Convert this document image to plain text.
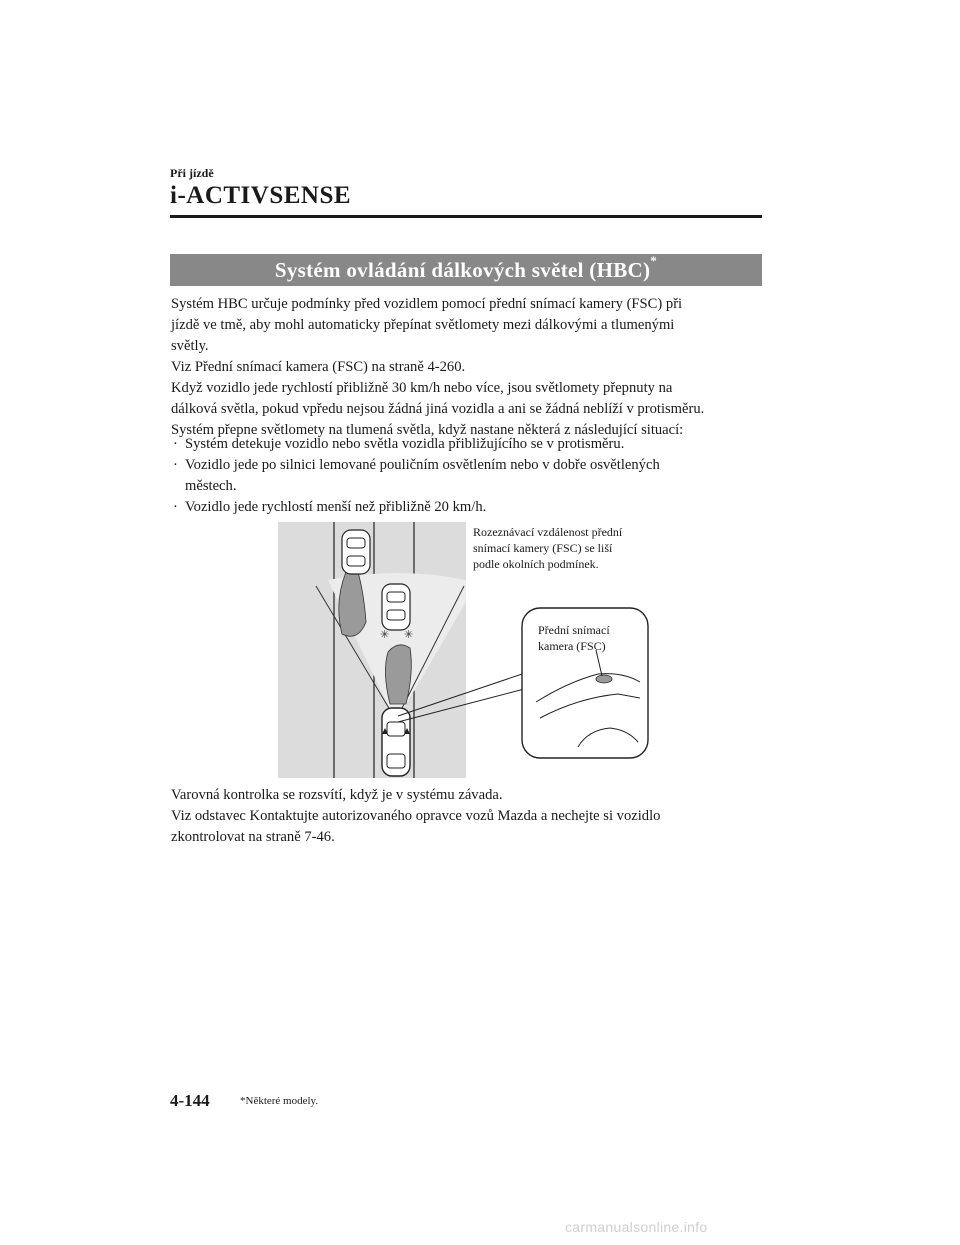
Při jízdě
i-ACTIVSENSE
Systém ovládání dálkových světel (HBC)*
Systém HBC určuje podmínky před vozidlem pomocí přední snímací kamery (FSC) při
jízdě ve tmě, aby mohl automaticky přepínat světlomety mezi dálkovými a tlumenými
světly.
Viz Přední snímací kamera (FSC) na straně 4-260.
Když vozidlo jede rychlostí přibližně 30 km/h nebo více, jsou světlomety přepnuty na
dálková světla, pokud vpředu nejsou žádná jiná vozidla a ani se žádná neblíží v protisměru.
Systém přepne světlomety na tlumená světla, když nastane některá z následující situací:
· Systém detekuje vozidlo nebo světla vozidla přibližujícího se v protisměru.
· Vozidlo jede po silnici lemované pouličním osvětlením nebo v dobře osvětlených
městech.
· Vozidlo jede rychlostí menší než přibližně 20 km/h.
✳ ✳
Rozeznávací vzdálenost přední
snímací kamery (FSC) se liší
podle okolních podmínek.
Přední snímací
kamera (FSC)
Varovná kontrolka se rozsvítí, když je v systému závada.
Viz odstavec Kontaktujte autorizovaného opravce vozů Mazda a nechejte si vozidlo
zkontrolovat na straně 7-46.
4-144	*Některé modely.
carmanualsonline.info
